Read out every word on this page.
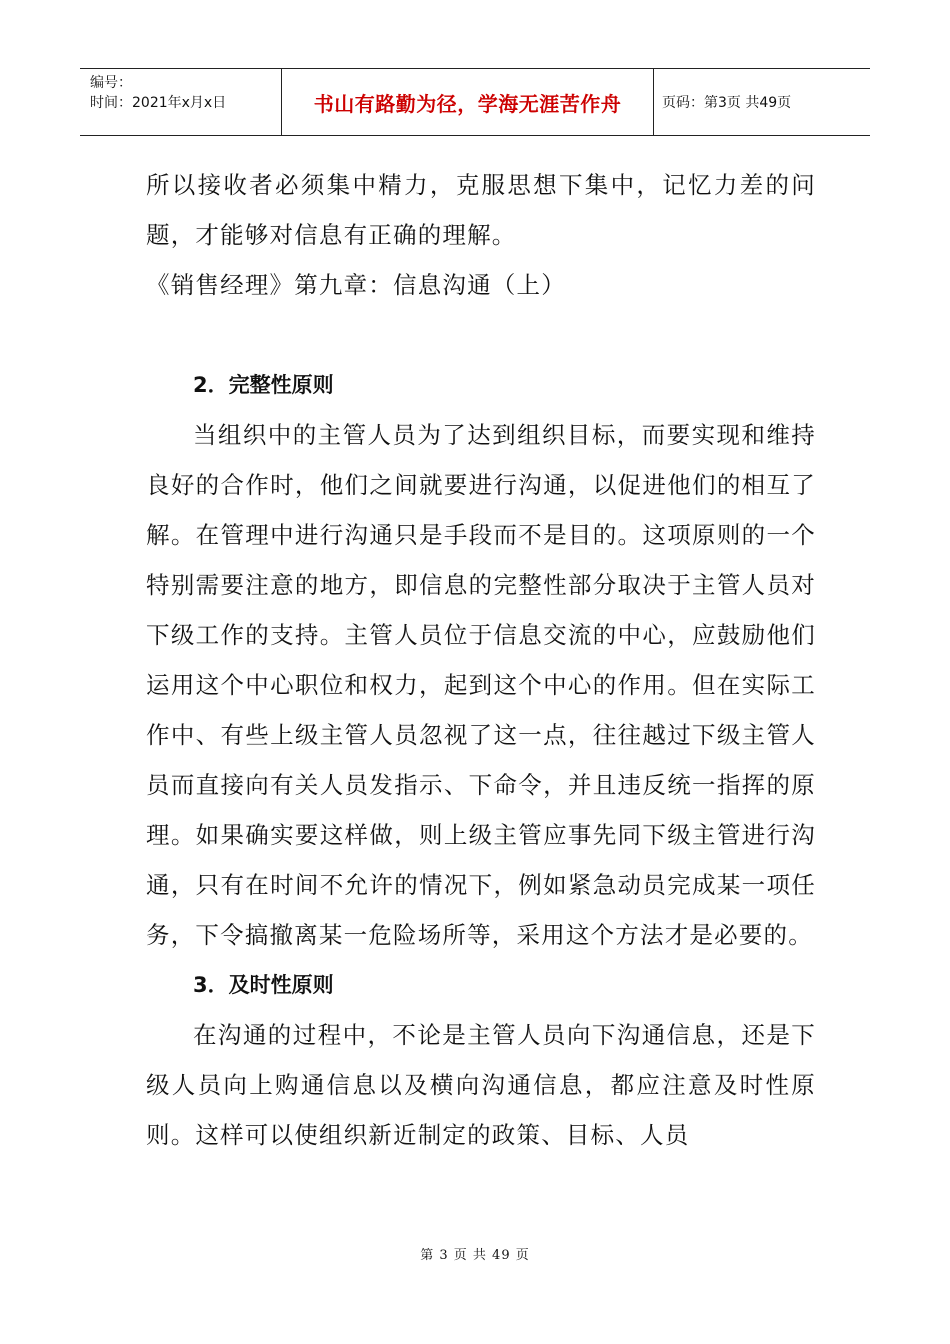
编号：
时间：2021年x月x日	书山有路勤为径，学海无涯苦作舟	页码：第3页 共49页

所以接收者必须集中精力，克服思想下集中，记忆力差的问题，才能够对信息有正确的理解。

《销售经理》第九章：信息沟通（上）

2．完整性原则

当组织中的主管人员为了达到组织目标，而要实现和维持良好的合作时，他们之间就要进行沟通，以促进他们的相互了解。在管理中进行沟通只是手段而不是目的。这项原则的一个特别需要注意的地方，即信息的完整性部分取决于主管人员对下级工作的支持。主管人员位于信息交流的中心，应鼓励他们运用这个中心职位和权力，起到这个中心的作用。但在实际工作中、有些上级主管人员忽视了这一点，往往越过下级主管人员而直接向有关人员发指示、下命令，并且违反统一指挥的原理。如果确实要这样做，则上级主管应事先同下级主管进行沟通，只有在时间不允许的情况下，例如紧急动员完成某一项任务，下令搞撤离某一危险场所等，采用这个方法才是必要的。

3．及时性原则

在沟通的过程中，不论是主管人员向下沟通信息，还是下级人员向上购通信息以及横向沟通信息，都应注意及时性原则。这样可以使组织新近制定的政策、目标、人员

第 3 页 共 49 页
